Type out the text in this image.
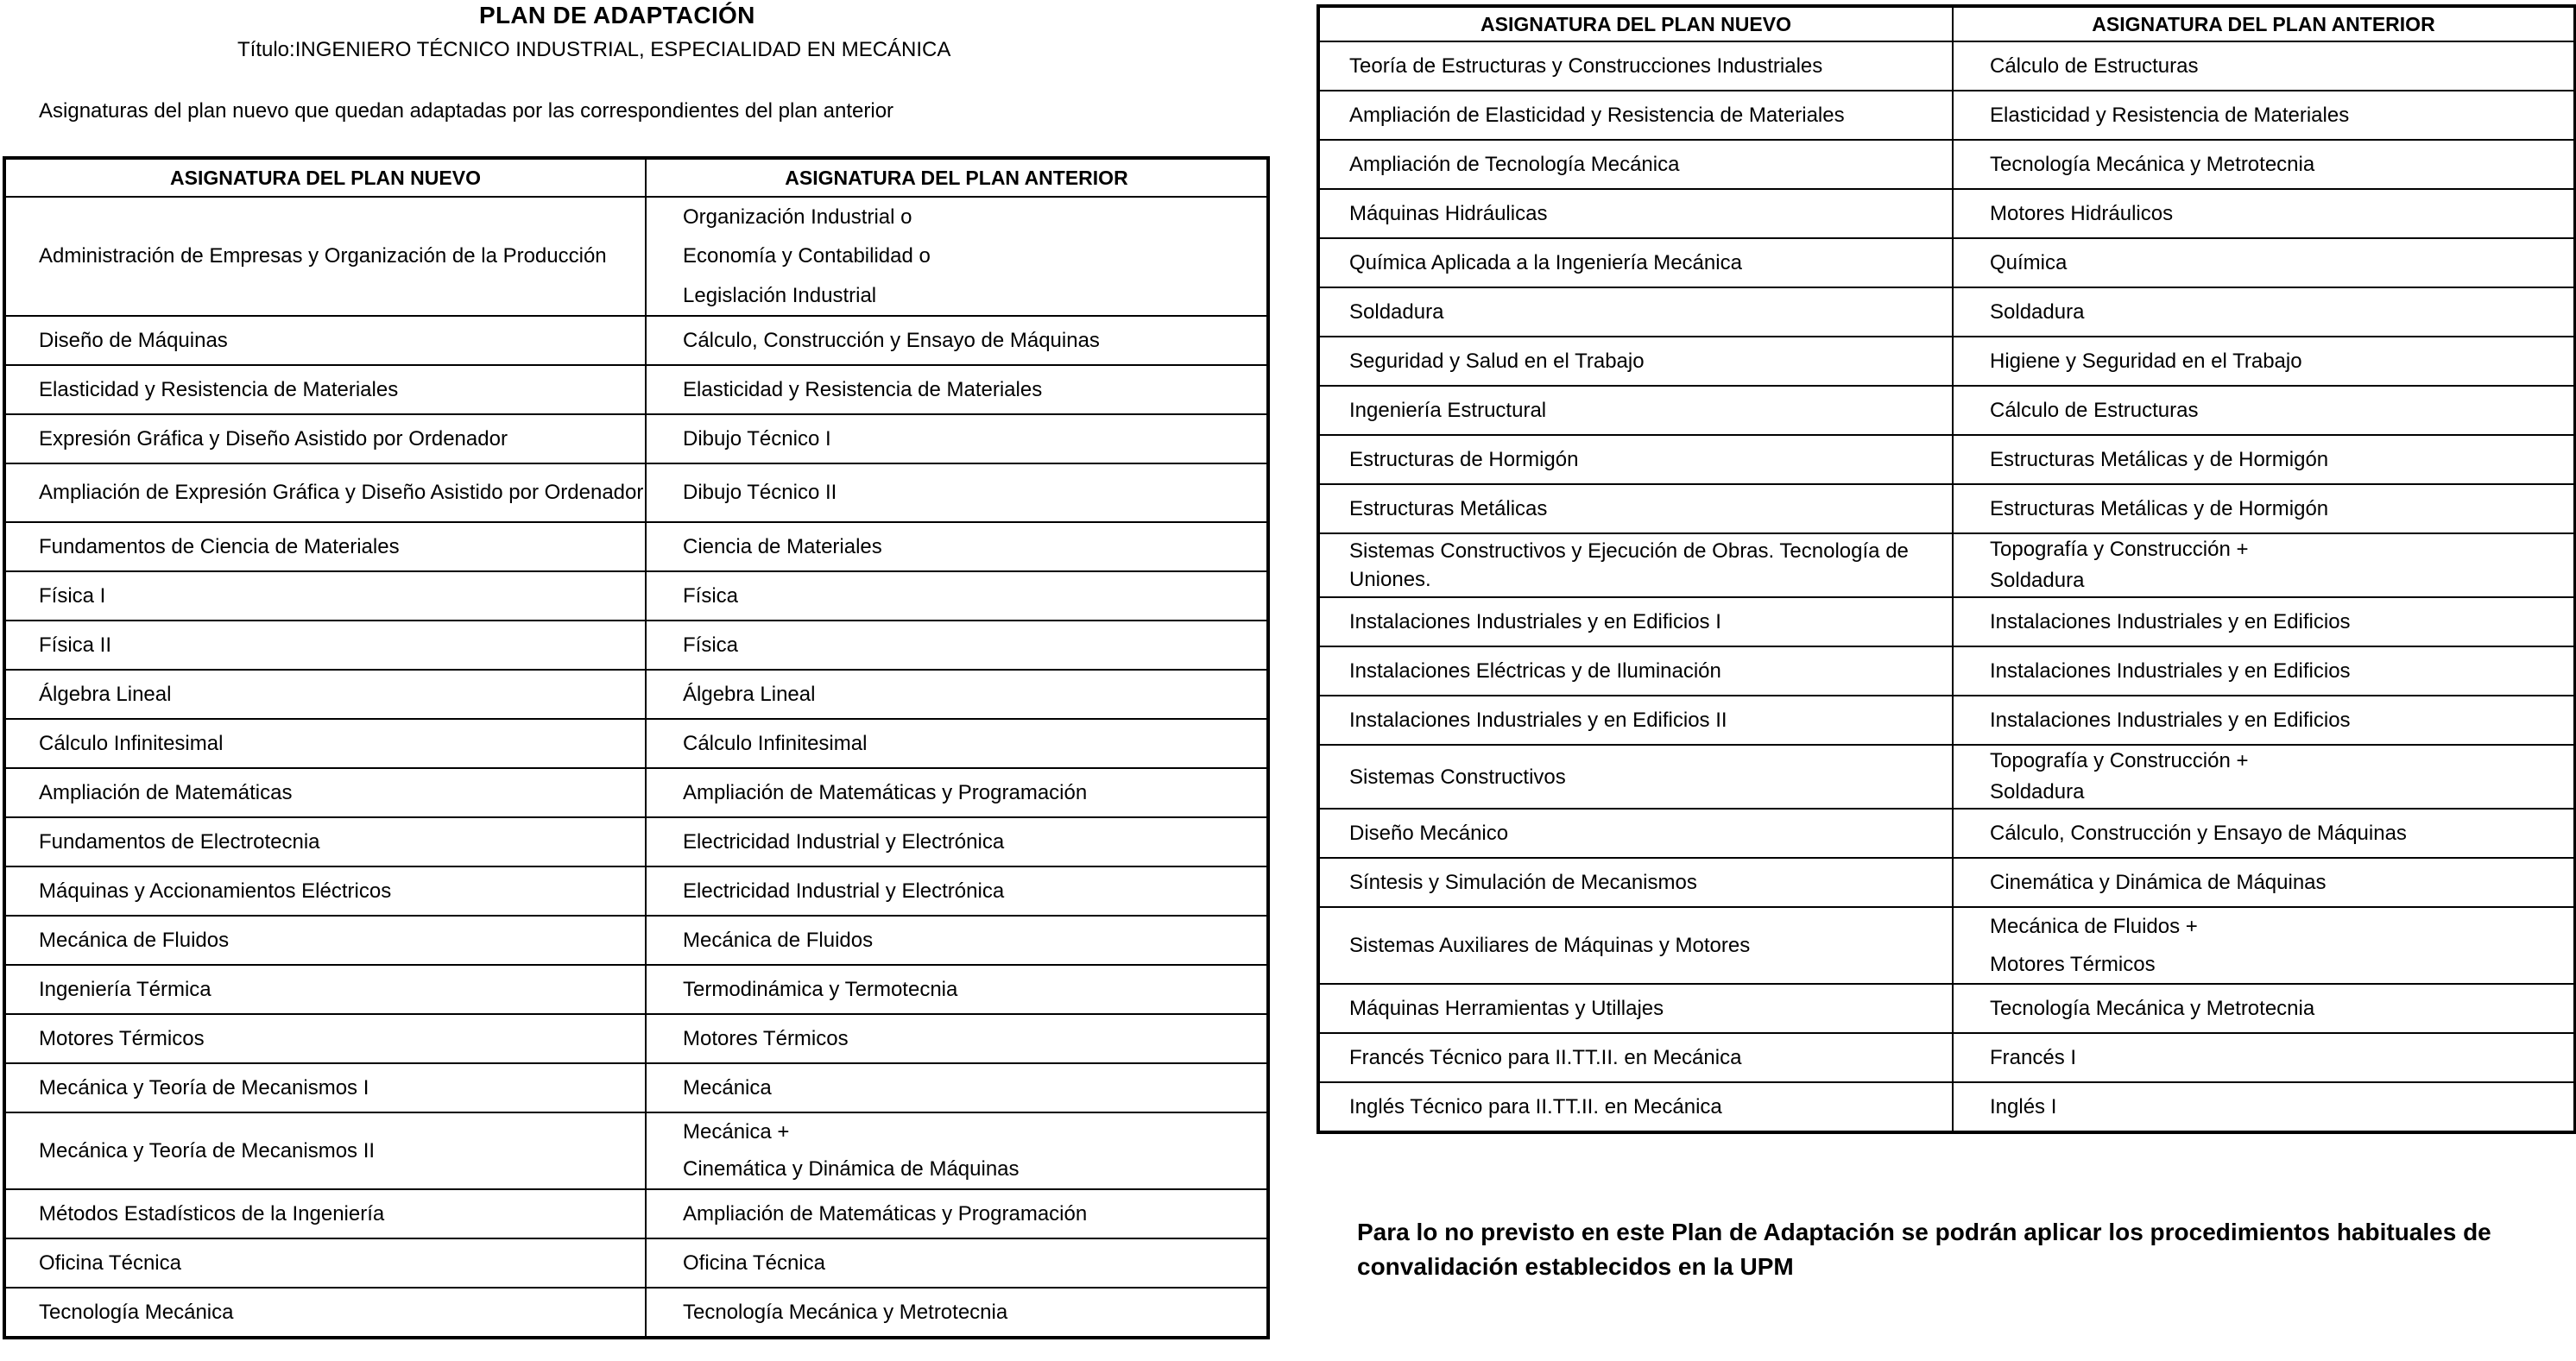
PLAN DE ADAPTACIÓN
Título:INGENIERO TÉCNICO INDUSTRIAL, ESPECIALIDAD EN MECÁNICA
Asignaturas del plan nuevo que quedan adaptadas por las correspondientes del plan anterior
ASIGNATURA DEL PLAN NUEVO	ASIGNATURA DEL PLAN ANTERIOR
Administración de Empresas y Organización de la Producción	Organización Industrial o
Economía y Contabilidad o
Legislación Industrial

Diseño de Máquinas	Cálculo, Construcción y Ensayo de Máquinas

Elasticidad y Resistencia de Materiales	Elasticidad y Resistencia de Materiales

Expresión Gráfica y Diseño Asistido por Ordenador	Dibujo Técnico I

Ampliación de Expresión Gráfica y Diseño Asistido por Ordenador	Dibujo Técnico II

Fundamentos de Ciencia de Materiales	Ciencia de Materiales

Física I	Física

Física II	Física

Álgebra Lineal	Álgebra Lineal

Cálculo Infinitesimal	Cálculo Infinitesimal

Ampliación de Matemáticas	Ampliación de Matemáticas y Programación

Fundamentos de Electrotecnia	Electricidad Industrial y Electrónica

Máquinas y Accionamientos Eléctricos	Electricidad Industrial y Electrónica

Mecánica de Fluidos	Mecánica de Fluidos

Ingeniería Térmica	Termodinámica y Termotecnia

Motores Térmicos	Motores Térmicos

Mecánica y Teoría de Mecanismos I	Mecánica

Mecánica y Teoría de Mecanismos II	Mecánica +
Cinemática y Dinámica de Máquinas

Métodos Estadísticos de la Ingeniería	Ampliación de Matemáticas y Programación

Oficina Técnica	Oficina Técnica

Tecnología Mecánica	Tecnología Mecánica y Metrotecnia
ASIGNATURA DEL PLAN NUEVO	ASIGNATURA DEL PLAN ANTERIOR
Teoría de Estructuras y Construcciones Industriales	Cálculo de Estructuras

Ampliación de Elasticidad y Resistencia de Materiales	Elasticidad y Resistencia de Materiales

Ampliación de Tecnología Mecánica	Tecnología Mecánica y Metrotecnia

Máquinas Hidráulicas	Motores Hidráulicos

Química Aplicada a la Ingeniería Mecánica	Química

Soldadura	Soldadura

Seguridad y Salud en el Trabajo	Higiene y Seguridad en el Trabajo

Ingeniería Estructural	Cálculo de Estructuras

Estructuras de Hormigón	Estructuras Metálicas y de Hormigón

Estructuras Metálicas	Estructuras Metálicas y de Hormigón

Sistemas Constructivos y Ejecución de Obras. Tecnología de Uniones.	Topografía y Construcción +
Soldadura

Instalaciones Industriales y en Edificios I	Instalaciones Industriales y en Edificios

Instalaciones Eléctricas y de Iluminación	Instalaciones Industriales y en Edificios

Instalaciones Industriales y en Edificios II	Instalaciones Industriales y en Edificios

Sistemas Constructivos	Topografía y Construcción +
Soldadura

Diseño Mecánico	Cálculo, Construcción y Ensayo de Máquinas

Síntesis y Simulación de Mecanismos	Cinemática y Dinámica de Máquinas

Sistemas Auxiliares de Máquinas y Motores	Mecánica de Fluidos +
Motores Térmicos

Máquinas Herramientas y Utillajes	Tecnología Mecánica y Metrotecnia

Francés Técnico para II.TT.II. en Mecánica	Francés I

Inglés Técnico para II.TT.II. en Mecánica	Inglés I
Para lo no previsto en este Plan de Adaptación se podrán aplicar los procedimientos habituales de convalidación establecidos en la UPM
